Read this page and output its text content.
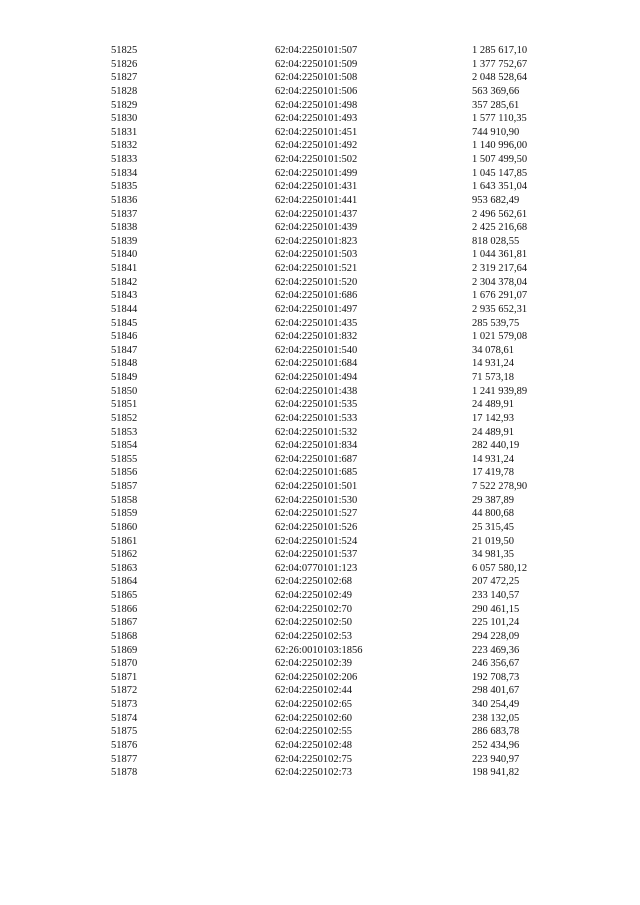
51825	62:04:2250101:507	1 285 617,10
51826	62:04:2250101:509	1 377 752,67
51827	62:04:2250101:508	2 048 528,64
51828	62:04:2250101:506	563 369,66
51829	62:04:2250101:498	357 285,61
51830	62:04:2250101:493	1 577 110,35
51831	62:04:2250101:451	744 910,90
51832	62:04:2250101:492	1 140 996,00
51833	62:04:2250101:502	1 507 499,50
51834	62:04:2250101:499	1 045 147,85
51835	62:04:2250101:431	1 643 351,04
51836	62:04:2250101:441	953 682,49
51837	62:04:2250101:437	2 496 562,61
51838	62:04:2250101:439	2 425 216,68
51839	62:04:2250101:823	818 028,55
51840	62:04:2250101:503	1 044 361,81
51841	62:04:2250101:521	2 319 217,64
51842	62:04:2250101:520	2 304 378,04
51843	62:04:2250101:686	1 676 291,07
51844	62:04:2250101:497	2 935 652,31
51845	62:04:2250101:435	285 539,75
51846	62:04:2250101:832	1 021 579,08
51847	62:04:2250101:540	34 078,61
51848	62:04:2250101:684	14 931,24
51849	62:04:2250101:494	71 573,18
51850	62:04:2250101:438	1 241 939,89
51851	62:04:2250101:535	24 489,91
51852	62:04:2250101:533	17 142,93
51853	62:04:2250101:532	24 489,91
51854	62:04:2250101:834	282 440,19
51855	62:04:2250101:687	14 931,24
51856	62:04:2250101:685	17 419,78
51857	62:04:2250101:501	7 522 278,90
51858	62:04:2250101:530	29 387,89
51859	62:04:2250101:527	44 800,68
51860	62:04:2250101:526	25 315,45
51861	62:04:2250101:524	21 019,50
51862	62:04:2250101:537	34 981,35
51863	62:04:0770101:123	6 057 580,12
51864	62:04:2250102:68	207 472,25
51865	62:04:2250102:49	233 140,57
51866	62:04:2250102:70	290 461,15
51867	62:04:2250102:50	225 101,24
51868	62:04:2250102:53	294 228,09
51869	62:26:0010103:1856	223 469,36
51870	62:04:2250102:39	246 356,67
51871	62:04:2250102:206	192 708,73
51872	62:04:2250102:44	298 401,67
51873	62:04:2250102:65	340 254,49
51874	62:04:2250102:60	238 132,05
51875	62:04:2250102:55	286 683,78
51876	62:04:2250102:48	252 434,96
51877	62:04:2250102:75	223 940,97
51878	62:04:2250102:73	198 941,82
